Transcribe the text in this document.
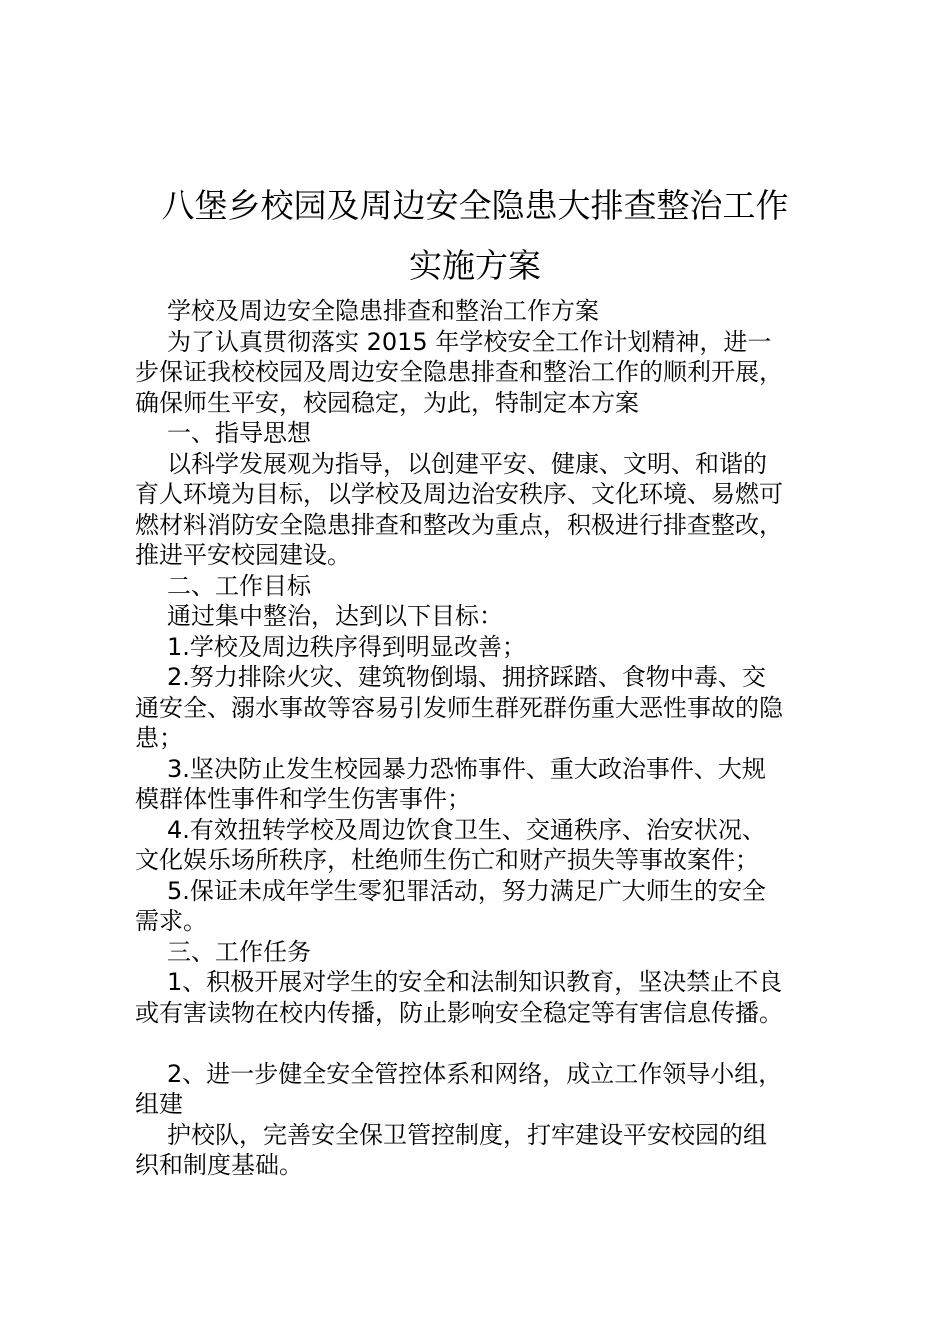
八堡乡校园及周边安全隐患大排查整治工作
实施方案

学校及周边安全隐患排查和整治工作方案

为了认真贯彻落实 2015 年学校安全工作计划精神，进一

步保证我校校园及周边安全隐患排查和整治工作的顺利开展，

确保师生平安，校园稳定，为此，特制定本方案

一、指导思想

以科学发展观为指导，以创建平安、健康、文明、和谐的

育人环境为目标，以学校及周边治安秩序、文化环境、易燃可

燃材料消防安全隐患排查和整改为重点，积极进行排查整改，

推进平安校园建设。

二、工作目标

通过集中整治，达到以下目标：

1.学校及周边秩序得到明显改善；

2.努力排除火灾、建筑物倒塌、拥挤踩踏、食物中毒、交

通安全、溺水事故等容易引发师生群死群伤重大恶性事故的隐

患；

3.坚决防止发生校园暴力恐怖事件、重大政治事件、大规

模群体性事件和学生伤害事件；

4.有效扭转学校及周边饮食卫生、交通秩序、治安状况、

文化娱乐场所秩序，杜绝师生伤亡和财产损失等事故案件；

5.保证未成年学生零犯罪活动，努力满足广大师生的安全

需求。

三、工作任务

1、积极开展对学生的安全和法制知识教育，坚决禁止不良

或有害读物在校内传播，防止影响安全稳定等有害信息传播。

2、进一步健全安全管控体系和网络，成立工作领导小组，

组建

护校队，完善安全保卫管控制度，打牢建设平安校园的组

织和制度基础。
